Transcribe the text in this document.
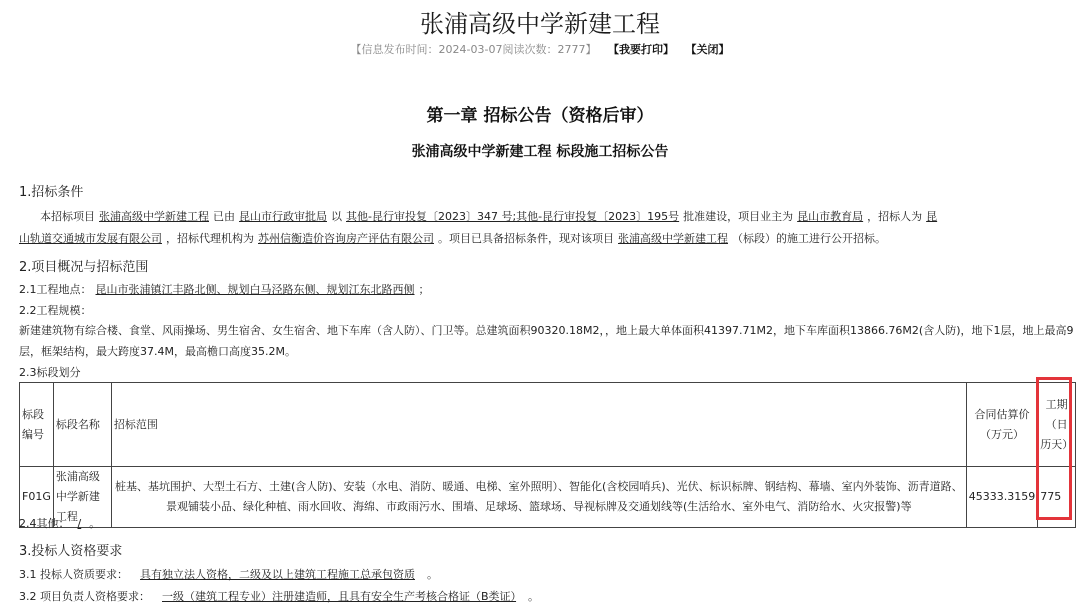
张浦高级中学新建工程
【信息发布时间：2024-03-07阅读次数：2777】 【我要打印】 【关闭】
第一章 招标公告（资格后审）
张浦高级中学新建工程 标段施工招标公告
1.招标条件
本招标项目 张浦高级中学新建工程 已由 昆山市行政审批局 以 其他-昆行审投复〔2023〕347 号;其他-昆行审投复〔2023〕195号 批准建设，项目业主为 昆山市教育局 ，招标人为 昆
山轨道交通城市发展有限公司 ，招标代理机构为 苏州信衡造价咨询房产评估有限公司 。项目已具备招标条件，现对该项目 张浦高级中学新建工程 （标段）的施工进行公开招标。
2.项目概况与招标范围
2.1工程地点： 昆山市张浦镇江丰路北侧、规划白马泾路东侧、规划江东北路西侧 ；
2.2工程规模：
新建建筑物有综合楼、食堂、风雨操场、男生宿舍、女生宿舍、地下车库（含人防）、门卫等。总建筑面积90320.18M2，，地上最大单体面积41397.71M2，地下车库面积13866.76M2(含人防)，地下1层，地上最高9
层，框架结构，最大跨度37.4M，最高檐口高度35.2M。
2.3标段划分
标段编号	标段名称	招标范围	合同估算价（万元）	工期（日历天）
F01G	张浦高级中学新建工程	桩基、基坑围护、大型土石方、土建(含人防)、安装（水电、消防、暖通、电梯、室外照明）、智能化(含校园哨兵)、光伏、标识标牌、钢结构、幕墙、室内外装饰、沥青道路、景观铺装小品、绿化种植、雨水回收、海绵、市政雨污水、围墙、足球场、篮球场、导视标牌及交通划线等(生活给水、室外电气、消防给水、火灾报警)等	45333.3159	775
2.4其他： / 。
3.投标人资格要求
3.1 投标人资质要求： 具有独立法人资格，二级及以上建筑工程施工总承包资质 。
3.2 项目负责人资格要求： 一级（建筑工程专业）注册建造师，且具有安全生产考核合格证（B类证） 。
